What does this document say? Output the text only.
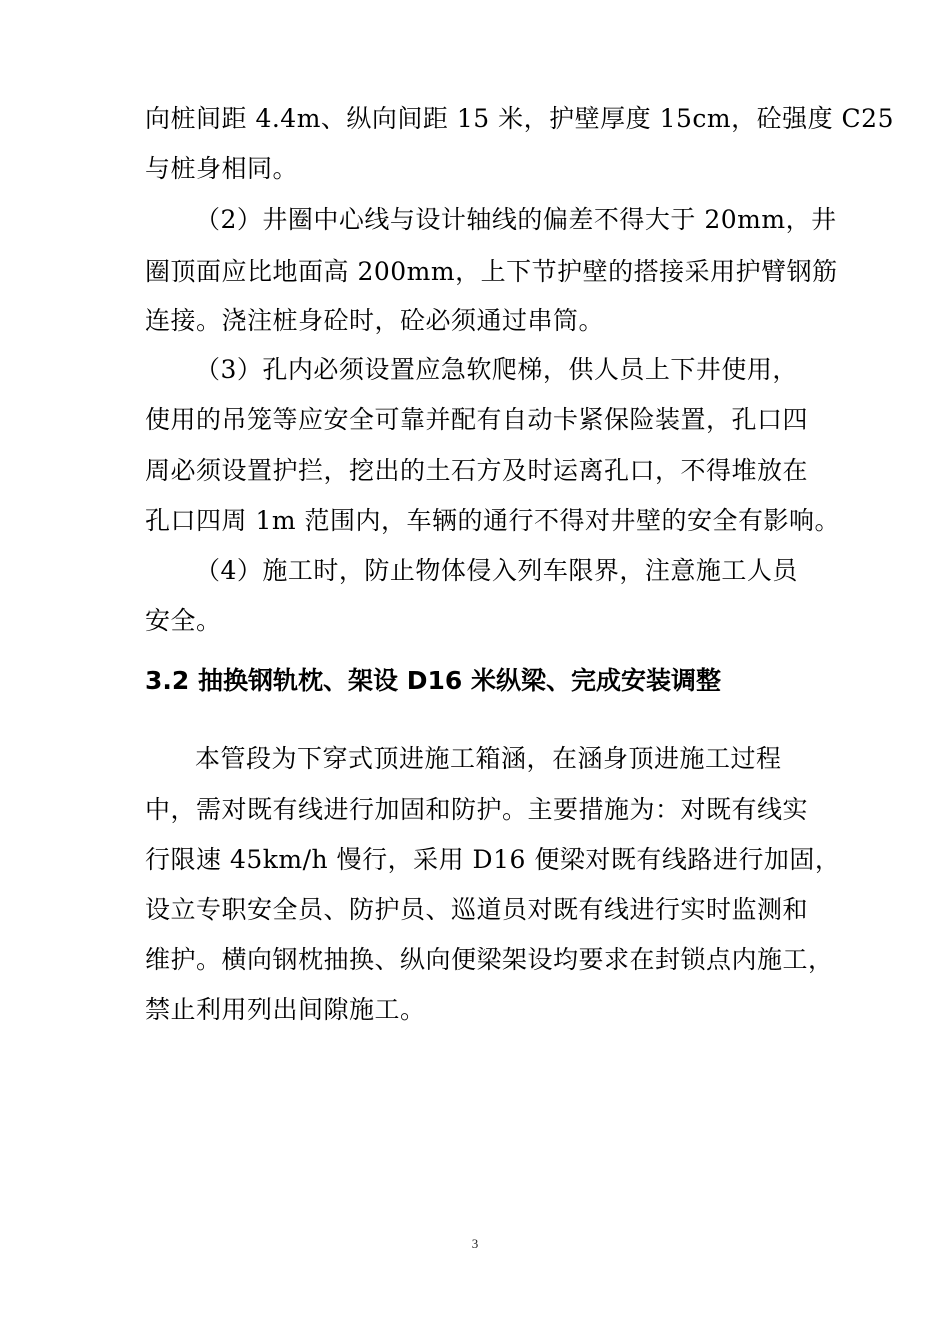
向桩间距 4.4m、纵向间距 15 米，护壁厚度 15cm，砼强度 C25
与桩身相同。
（2）井圈中心线与设计轴线的偏差不得大于 20mm，井
圈顶面应比地面高 200mm，上下节护壁的搭接采用护臂钢筋
连接。浇注桩身砼时，砼必须通过串筒。
（3）孔内必须设置应急软爬梯，供人员上下井使用，
使用的吊笼等应安全可靠并配有自动卡紧保险装置，孔口四
周必须设置护拦，挖出的土石方及时运离孔口，不得堆放在
孔口四周 1m 范围内，车辆的通行不得对井壁的安全有影响。
（4）施工时，防止物体侵入列车限界，注意施工人员
安全。
3.2 抽换钢轨枕、架设 D16 米纵梁、完成安装调整
本管段为下穿式顶进施工箱涵，在涵身顶进施工过程
中，需对既有线进行加固和防护。主要措施为：对既有线实
行限速 45km/h 慢行，采用 D16 便梁对既有线路进行加固，
设立专职安全员、防护员、巡道员对既有线进行实时监测和
维护。横向钢枕抽换、纵向便梁架设均要求在封锁点内施工，
禁止利用列出间隙施工。
3
